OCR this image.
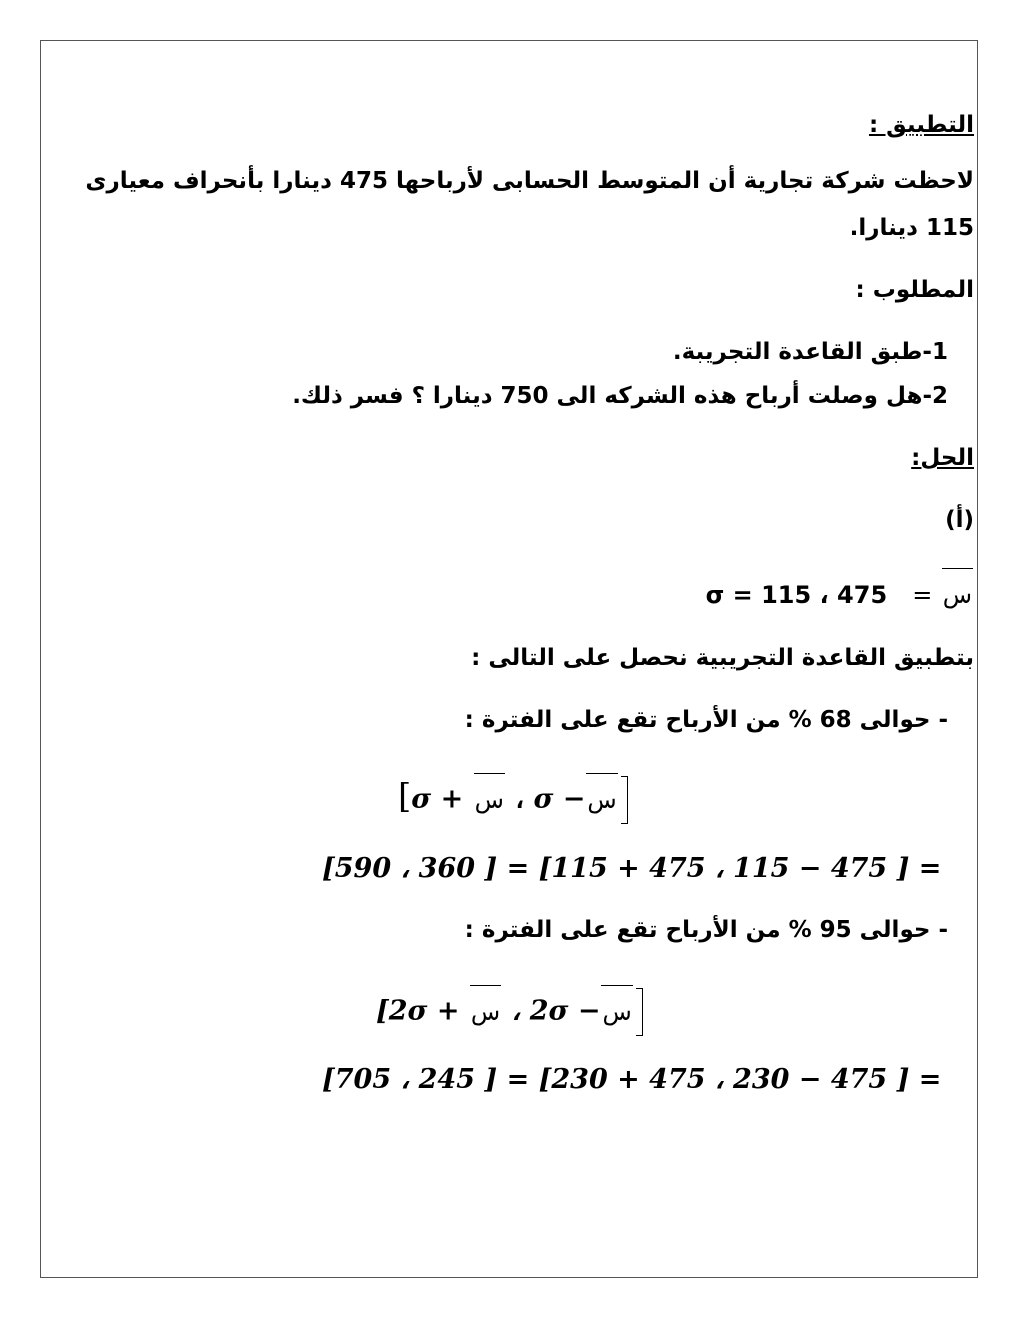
التطبيق :
لاحظت شركة تجارية أن المتوسط الحسابى لأرباحها 475 دينارا بأنحراف معيارى
115 دينارا.
المطلوب :
1-طبق القاعدة التجريبة.
2-هل وصلت أرباح هذه الشركه الى 750 دينارا ؟ فسر ذلك.
الحل:
(أ)
σ = 115 ، 475 = س
بتطبيق القاعدة التجريبية نحصل على التالى :
- حوالى 68 % من الأرباح تقع على الفترة :
[σ + س ، σ −س
[590 ، 360 ] = [115 + 475 ، 115 − 475 ] =
- حوالى 95 % من الأرباح تقع على الفترة :
[2σ + س ، 2σ −س
[705 ، 245 ] = [230 + 475 ، 230 − 475 ] =
